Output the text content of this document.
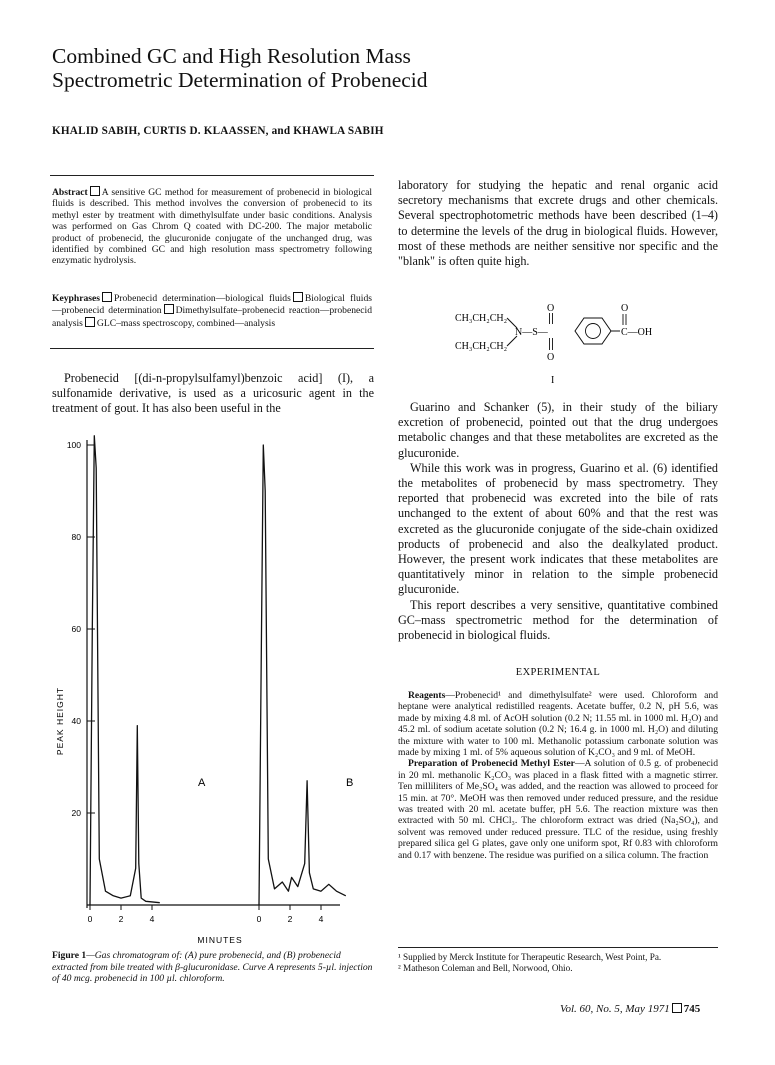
Combined GC and High Resolution Mass
Spectrometric Determination of Probenecid
KHALID SABIH, CURTIS D. KLAASSEN, and KHAWLA SABIH
Abstract A sensitive GC method for measurement of probenecid in biological fluids is described. This method involves the conversion of probenecid to its methyl ester by treatment with dimethylsulfate under basic conditions. Analysis was performed on Gas Chrom Q coated with DC-200. The major metabolic product of probenecid, the glucuronide conjugate of the unchanged drug, was identified by combined GC and high resolution mass spectrometry following enzymatic hydrolysis.
Keyphrases Probenecid determination—biological fluids Biological fluids—probenecid determination Dimethylsulfate–probenecid reaction—probenecid analysis GLC–mass spectroscopy, combined—analysis
Probenecid [(di-n-propylsulfamyl)benzoic acid] (I), a sulfonamide derivative, is used as a uricosuric agent in the treatment of gout. It has also been useful in the
20
40
60
80
100
0	2	4	0	2	4
PEAK HEIGHT
MINUTES
A	B
laboratory for studying the hepatic and renal organic acid secretory mechanisms that excrete drugs and other chemicals. Several spectrophotometric methods have been described (1–4) to determine the levels of the drug in biological fluids. However, most of these methods are neither sensitive nor specific and the "blank" is often quite high.
CH₃CH₂CH₂
CH₃CH₂CH₂
N—S—
O
O
C—OH
O
I

Guarino and Schanker (5), in their study of the biliary excretion of probenecid, pointed out that the drug undergoes metabolic changes and that these metabolites are excreted as the glucuronide.

While this work was in progress, Guarino et al. (6) identified the metabolites of probenecid by mass spectrometry. They reported that probenecid was excreted into the bile of rats unchanged to the extent of about 60% and that the rest was excreted as the glucuronide conjugate of the side-chain oxidized products of probenecid and also the dealkylated product. However, the present work indicates that these metabolites are quantitatively minor in relation to the simple probenecid glucuronide.

This report describes a very sensitive, quantitative combined GC–mass spectrometric method for the determination of probenecid in biological fluids.

EXPERIMENTAL

Reagents—Probenecid¹ and dimethylsulfate² were used. Chloroform and heptane were analytical redistilled reagents. Acetate buffer, 0.2 N, pH 5.6, was made by mixing 4.8 ml. of AcOH solution (0.2 N; 11.55 ml. in 1000 ml. H₂O) and 45.2 ml. of sodium acetate solution (0.2 N; 16.4 g. in 1000 ml. H₂O) and diluting the mixture with water to 100 ml. Methanolic potassium carbonate solution was made by mixing 1 ml. of 5% aqueous solution of K₂CO₃ and 9 ml. of MeOH.

Preparation of Probenecid Methyl Ester—A solution of 0.5 g. of probenecid in 20 ml. methanolic K₂CO₃ was placed in a flask fitted with a magnetic stirrer. Ten milliliters of Me₂SO₄ was added, and the reaction was allowed to proceed for 15 min. at 70°. MeOH was then removed under reduced pressure, and the residue was treated with 20 ml. acetate buffer, pH 5.6. The reaction mixture was then extracted with 50 ml. CHCl₃. The chloroform extract was dried (Na₂SO₄), and solvent was removed under reduced pressure. TLC of the residue, using freshly prepared silica gel G plates, gave only one uniform spot, Rf 0.83 with chloroform and 0.17 with benzene. The residue was purified on a silica column. The fraction

Figure 1—Gas chromatogram of: (A) pure probenecid, and (B) probenecid extracted from bile treated with β-glucuronidase. Curve A represents 5-µl. injection of 40 mcg. probenecid in 100 µl. chloroform.
¹ Supplied by Merck Institute for Therapeutic Research, West Point, Pa.
² Matheson Coleman and Bell, Norwood, Ohio.
Vol. 60, No. 5, May 1971 745
